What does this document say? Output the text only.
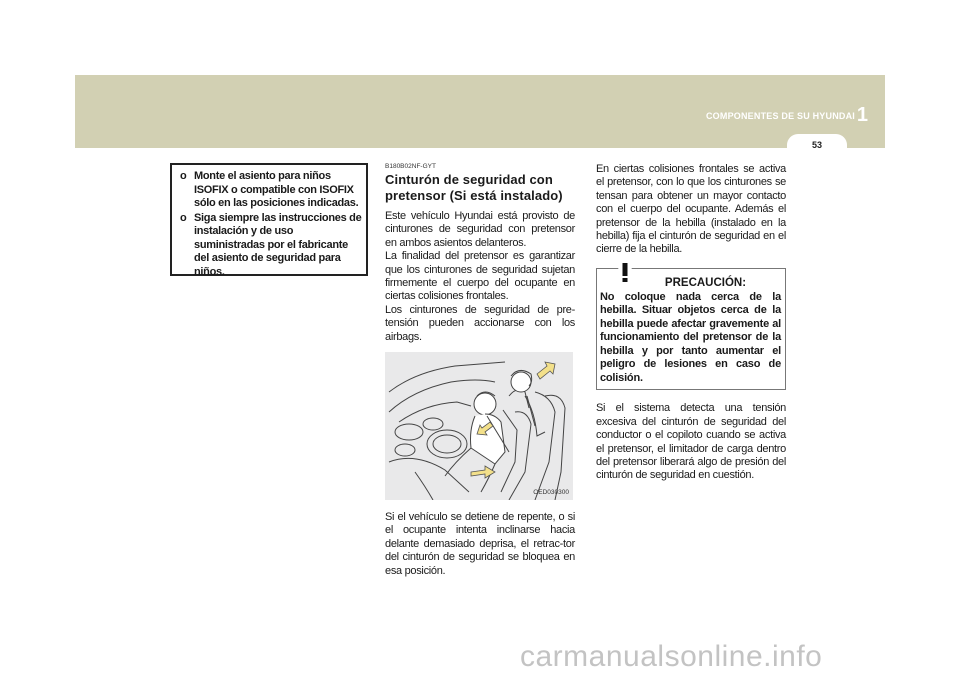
COMPONENTES DE SU HYUNDAI 1
53
o Monte el asiento para niños ISOFIX o compatible con ISOFIX sólo en las posiciones indicadas.
o Siga siempre las instrucciones de instalación y de uso suministradas por el fabricante del asiento de seguridad para niños.
B180B02NF-GYT
Cinturón de seguridad con pretensor (Si está instalado)
Este vehículo Hyundai está provisto de cinturones de seguridad con pretensor en ambos asientos delanteros.
La finalidad del pretensor es garantizar que los cinturones de seguridad sujetan firmemente el cuerpo del ocupante en ciertas colisiones frontales.
Los cinturones de seguridad de pre-tensión pueden accionarse con los airbags.
OED030300
Si el vehículo se detiene de repente, o si el ocupante intenta inclinarse hacia delante demasiado deprisa, el retrac-tor del cinturón de seguridad se bloquea en esa posición.
En ciertas colisiones frontales se activa el pretensor, con lo que los cinturones se tensan para obtener un mayor contacto con el cuerpo del ocupante. Además el pretensor de la hebilla (instalado en la hebilla) fija el cinturón de seguridad en el cierre de la hebilla.
PRECAUCIÓN:
No coloque nada cerca de la hebilla. Situar objetos cerca de la hebilla puede afectar gravemente al funcionamiento del pretensor de la hebilla y por tanto aumentar el peligro de lesiones en caso de colisión.
Si el sistema detecta una tensión excesiva del cinturón de seguridad del conductor o el copiloto cuando se activa el pretensor, el limitador de carga dentro del pretensor liberará algo de presión del cinturón de seguridad en cuestión.
carmanualsonline.info
